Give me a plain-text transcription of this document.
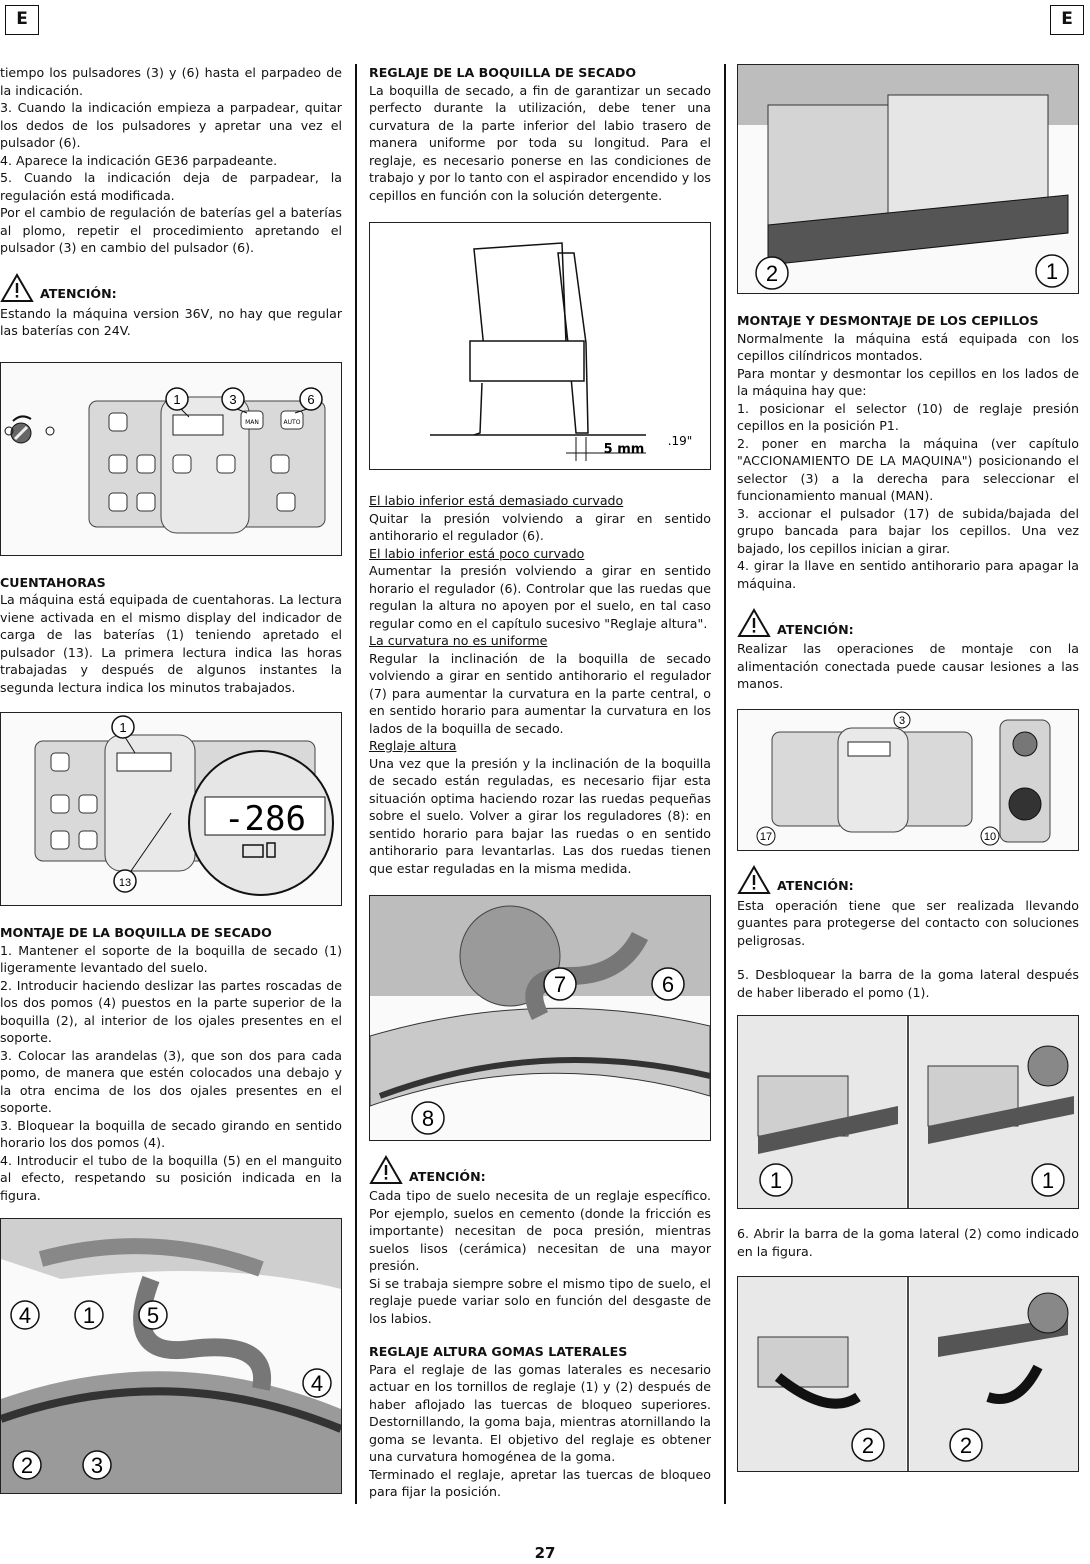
E	E

tiempo los pulsadores (3) y (6) hasta el parpadeo de la indicación.

3. Cuando la indicación empieza a parpadear, quitar los dedos de los pulsadores y apretar una vez el pulsador (6).

4. Aparece la indicación GE36 parpadeante.

5. Cuando la indicación deja de parpadear, la regulación está modificada.

Por el cambio de regulación de baterías gel a baterías al plomo, repetir el procedimiento apretando el pulsador (3) en cambio del pulsador (6).

ATENCIÓN:

Estando la máquina version 36V, no hay que regular las baterías con 24V.

MAN	AUTO
1	3	6

CUENTAHORAS

La máquina está equipada de cuentahoras. La lectura viene activada en el mismo display del indicador de carga de las baterías (1) teniendo apretado el pulsador (13). La primera lectura indica las horas trabajadas y después de algunos instantes la segunda lectura indica los minutos trabajados.

-286
1
13

MONTAJE DE LA BOQUILLA DE SECADO

1. Mantener el soporte de la boquilla de secado (1) ligeramente levantado del suelo.

2. Introducir haciendo deslizar las partes roscadas de los dos pomos (4) puestos en la parte superior de la boquilla (2), al interior de los ojales presentes en el soporte.

3. Colocar las arandelas (3), que son dos para cada pomo, de manera que estén colocados una debajo y la otra encima de los dos ojales presentes en el soporte.

3. Bloquear la boquilla de secado girando en sentido horario los dos pomos (4).

4. Introducir el tubo de la boquilla (5) en el manguito al efecto, respetando su posición indicada en la figura.

4 1 5
4
2	3

REGLAJE DE LA BOQUILLA DE SECADO

La boquilla de secado, a fin de garantizar un secado perfecto durante la utilización, debe tener una curvatura de la parte inferior del labio trasero de manera uniforme por toda su longitud. Para el reglaje, es necesario ponerse en las condiciones de trabajo y por lo tanto con el aspirador encendido y los cepillos en función con la solución detergente.

5 mm
.19"

El labio inferior está demasiado curvado

Quitar la presión volviendo a girar en sentido antihorario el regulador (6).

El labio inferior está poco curvado

Aumentar la presión volviendo a girar en sentido horario el regulador (6). Controlar que las ruedas que regulan la altura no apoyen por el suelo, en tal caso regular como en el capítulo sucesivo "Reglaje altura".

La curvatura no es uniforme

Regular la inclinación de la boquilla de secado volviendo a girar en sentido antihorario el regulador (7) para aumentar la curvatura en la parte central, o en sentido horario para aumentar la curvatura en los lados de la boquilla de secado.

Reglaje altura

Una vez que la presión y la inclinación de la boquilla de secado están reguladas, es necesario fijar esta situación optima haciendo rozar las ruedas pequeñas sobre el suelo. Volver a girar los reguladores (8): en sentido horario para bajar las ruedas o en sentido antihorario para levantarlas. Las dos ruedas tienen que estar reguladas en la misma medida.

7	6
8
ATENCIÓN:

Cada tipo de suelo necesita de un reglaje específico. Por ejemplo, suelos en cemento (donde la fricción es importante) necesitan de poca presión, mientras suelos lisos (cerámica) necesitan de una mayor presión.

Si se trabaja siempre sobre el mismo tipo de suelo, el reglaje puede variar solo en función del desgaste de los labios.

REGLAJE ALTURA GOMAS LATERALES

Para el reglaje de las gomas laterales es necesario actuar en los tornillos de reglaje (1) y (2) después de haber aflojado las tuercas de bloqueo superiores. Destornillando, la goma baja, mientras atornillando la goma se levanta. El objetivo del reglaje es obtener una curvatura homogénea de la goma.

Terminado el reglaje, apretar las tuercas de bloqueo para fijar la posición.

2	1

MONTAJE Y DESMONTAJE DE LOS CEPILLOS

Normalmente la máquina está equipada con los cepillos cilíndricos montados.

Para montar y desmontar los cepillos en los lados de la máquina hay que:

1. posicionar el selector (10) de reglaje presión cepillos en la posición P1.

2. poner en marcha la máquina (ver capítulo "ACCIONAMIENTO DE LA MAQUINA") posicionando el selector (3) a la derecha para seleccionar el funcionamiento manual (MAN).

3. accionar el pulsador (17) de subida/bajada del grupo bancada para bajar los cepillos. Una vez bajado, los cepillos inician a girar.

4. girar la llave en sentido antihorario para apagar la máquina.

ATENCIÓN:

Realizar las operaciones de montaje con la alimentación conectada puede causar lesiones a las manos.

3
17	10
ATENCIÓN:

Esta operación tiene que ser realizada llevando guantes para protegerse del contacto con soluciones peligrosas.

5. Desbloquear la barra de la goma lateral después de haber liberado el pomo (1).

1	1

6. Abrir la barra de la goma lateral (2) como indicado en la figura.

2	2
27
